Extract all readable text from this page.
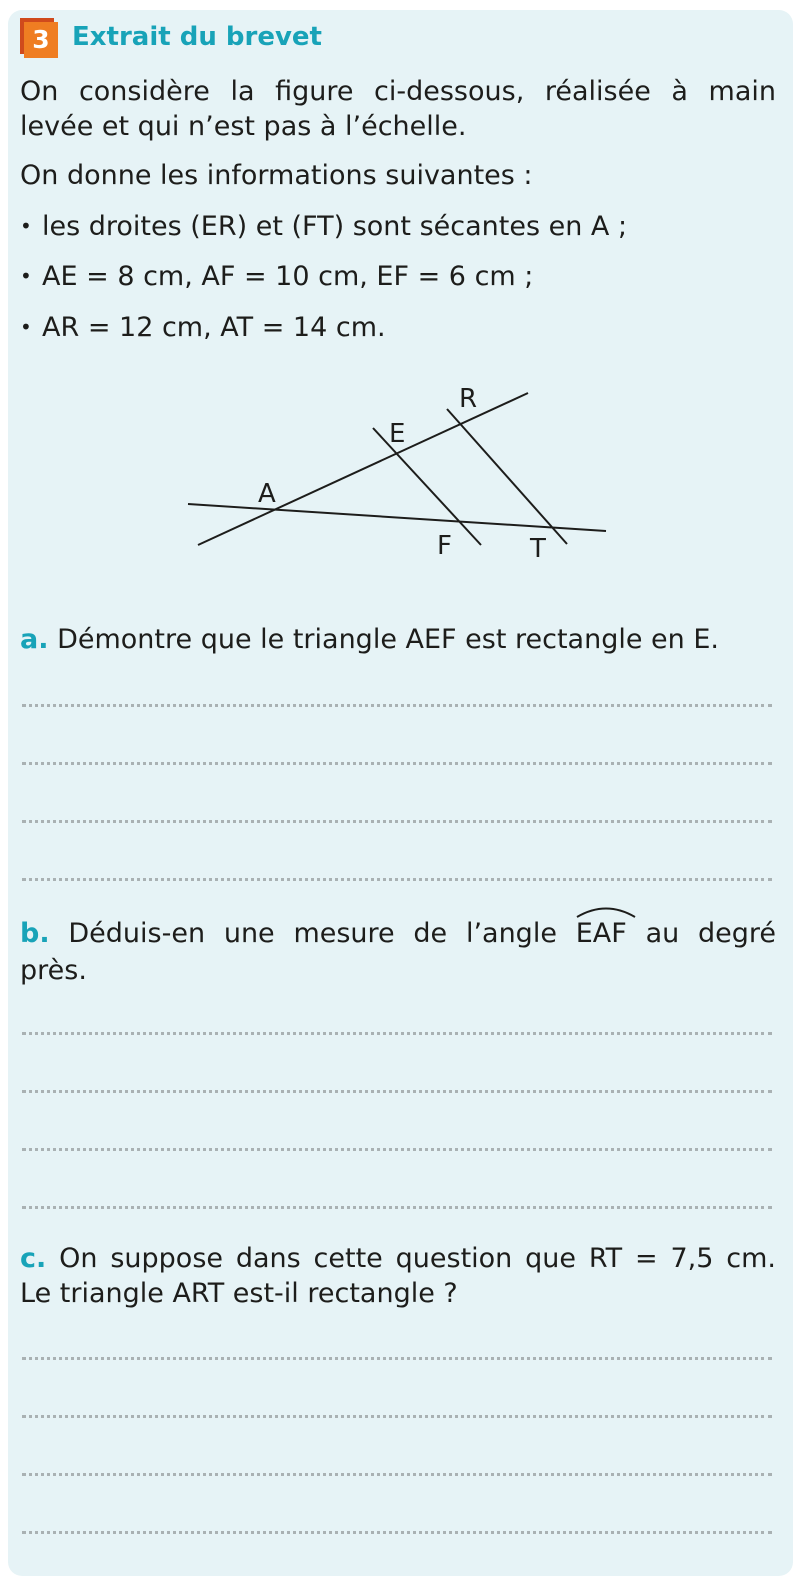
3 Extrait du brevet
On considère la figure ci-dessous, réalisée à main
levée et qui n’est pas à l’échelle.
On donne les informations suivantes :
• les droites (ER) et (FT) sont sécantes en A ;
• AE = 8 cm, AF = 10 cm, EF = 6 cm ;
• AR = 12 cm, AT = 14 cm.
A
E
R
F	T
a. Démontre que le triangle AEF est rectangle en E.
b. Déduis-en une mesure de l’angle EAF au degré
près.
c. On suppose dans cette question que RT = 7,5 cm.
Le triangle ART est-il rectangle ?
